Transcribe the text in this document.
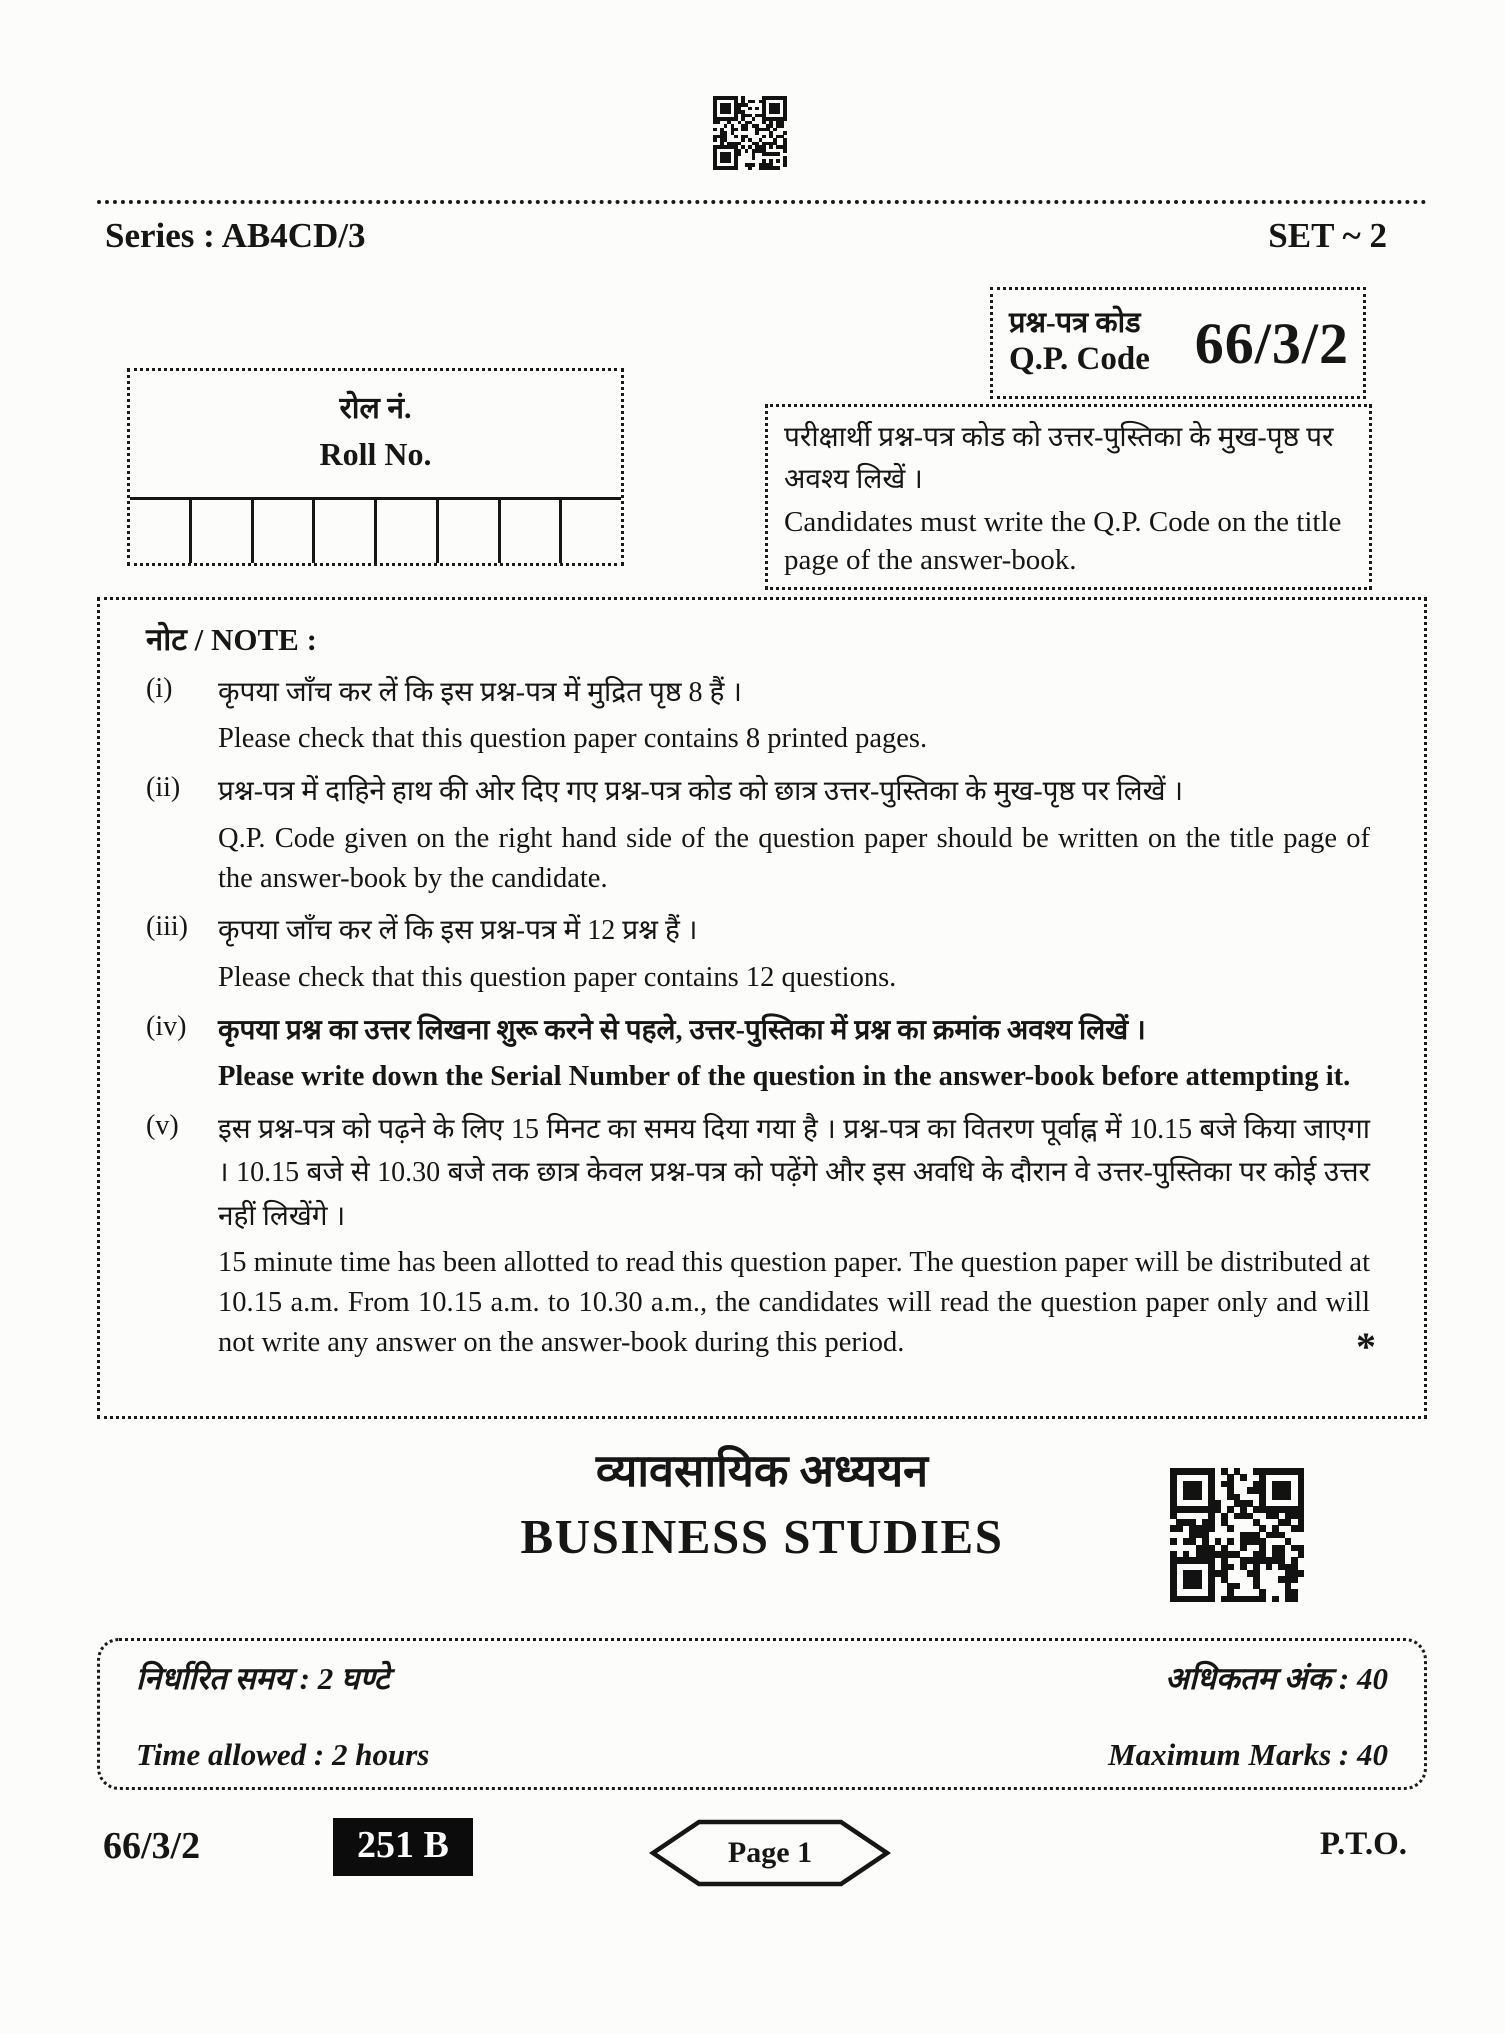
Series : AB4CD/3	SET ~ 2
रोल नं.
Roll No.
प्रश्न-पत्र कोड
Q.P. Code 66/3/2
परीक्षार्थी प्रश्न-पत्र कोड को उत्तर-पुस्तिका के मुख-पृष्ठ पर अवश्य लिखें ।
Candidates must write the Q.P. Code on the title page of the answer-book.
नोट / NOTE :
(i)	कृपया जाँच कर लें कि इस प्रश्न-पत्र में मुद्रित पृष्ठ 8 हैं ।
Please check that this question paper contains 8 printed pages.
(ii)	प्रश्न-पत्र में दाहिने हाथ की ओर दिए गए प्रश्न-पत्र कोड को छात्र उत्तर-पुस्तिका के मुख-पृष्ठ पर लिखें ।
Q.P. Code given on the right hand side of the question paper should be written on the title page of the answer-book by the candidate.
(iii)	कृपया जाँच कर लें कि इस प्रश्न-पत्र में 12 प्रश्न हैं ।
Please check that this question paper contains 12 questions.
(iv)	कृपया प्रश्न का उत्तर लिखना शुरू करने से पहले, उत्तर-पुस्तिका में प्रश्न का क्रमांक अवश्य लिखें ।
Please write down the Serial Number of the question in the answer-book before attempting it.
(v)	इस प्रश्न-पत्र को पढ़ने के लिए 15 मिनट का समय दिया गया है । प्रश्न-पत्र का वितरण पूर्वाह्न में 10.15 बजे किया जाएगा । 10.15 बजे से 10.30 बजे तक छात्र केवल प्रश्न-पत्र को पढ़ेंगे और इस अवधि के दौरान वे उत्तर-पुस्तिका पर कोई उत्तर नहीं लिखेंगे ।
15 minute time has been allotted to read this question paper. The question paper will be distributed at 10.15 a.m. From 10.15 a.m. to 10.30 a.m., the candidates will read the question paper only and will not write any answer on the answer-book during this period.	*
व्यावसायिक अध्ययन
BUSINESS STUDIES
निर्धारित समय : 2 घण्टे	अधिकतम अंक : 40
Time allowed : 2 hours	Maximum Marks : 40
66/3/2	251 B	Page 1	P.T.O.
